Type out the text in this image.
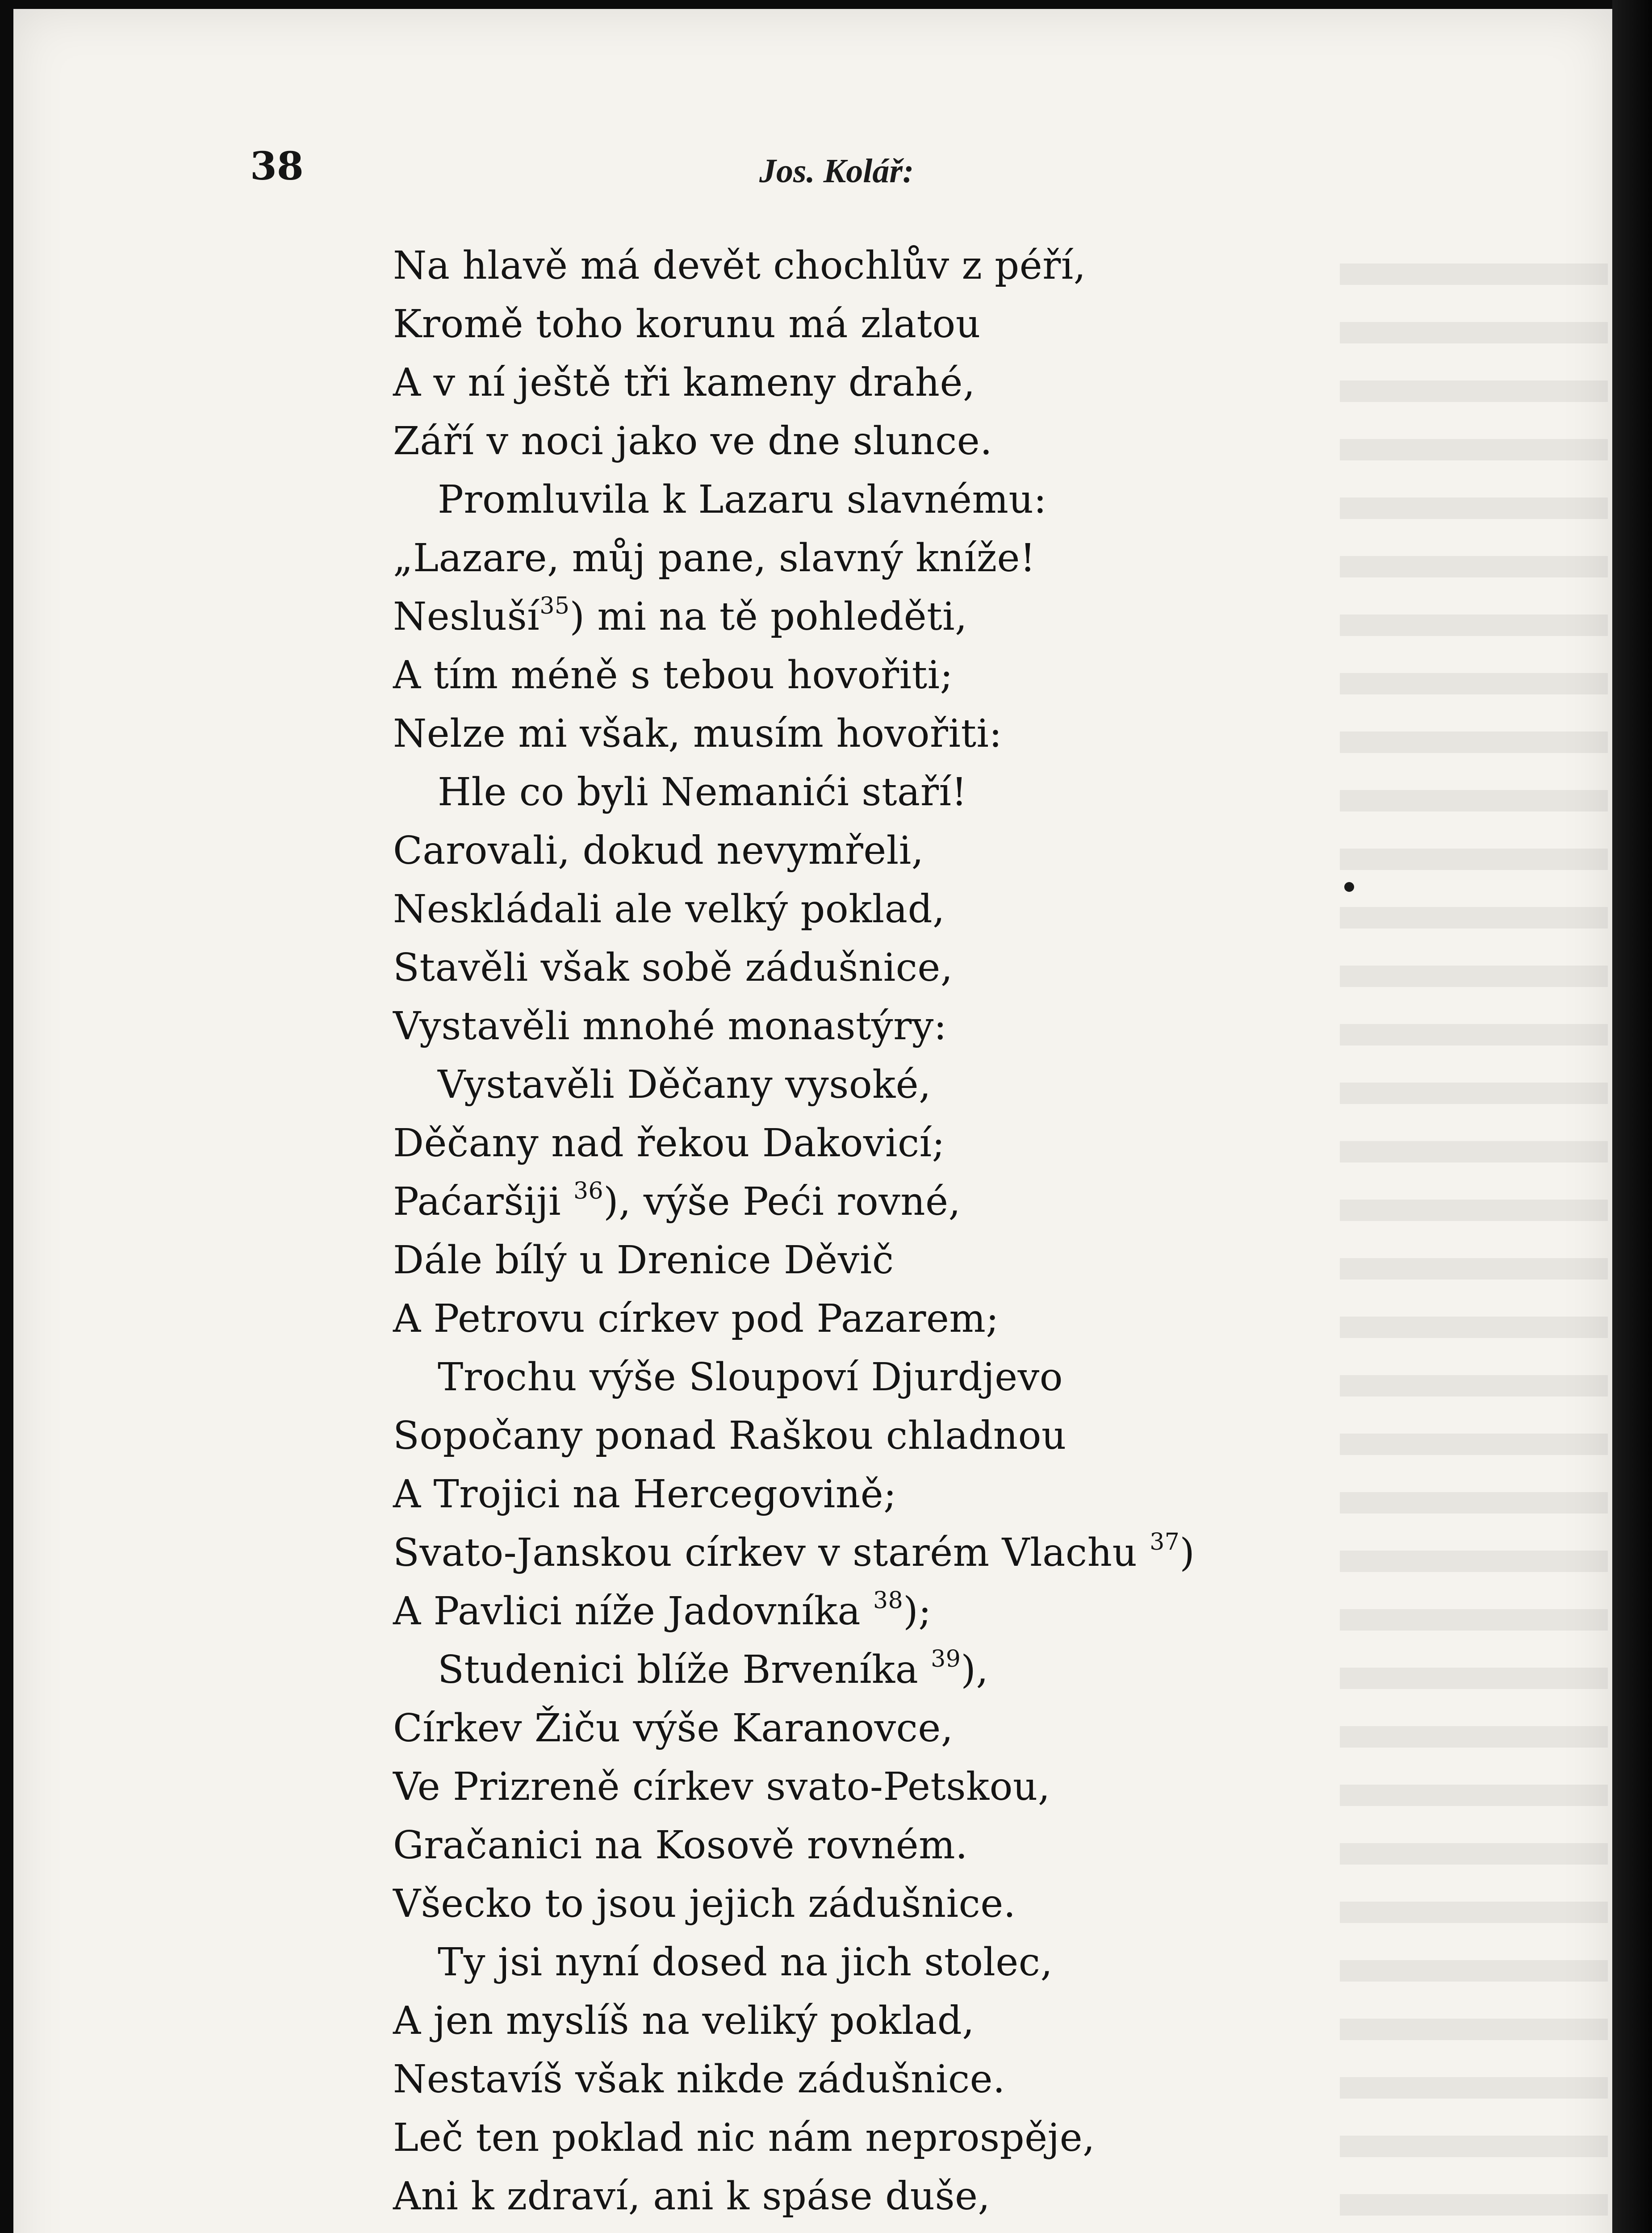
38	Jos. Kolář:

Na hlavě má devět chochlův z péří,
Kromě toho korunu má zlatou
A v ní ještě tři kameny drahé,
Září v noci jako ve dne slunce.
Promluvila k Lazaru slavnému:
„Lazare, můj pane, slavný kníže!
Nesluší$^{35}$) mi na tě pohleděti,
A tím méně s tebou hovořiti;
Nelze mi však, musím hovořiti:
Hle co byli Nemanići staří!
Carovali, dokud nevymřeli,
Neskládali ale velký poklad,
Stavěli však sobě zádušnice,
Vystavěli mnohé monastýry:
Vystavěli Děčany vysoké,
Děčany nad řekou Dakovicí;
Paćaršiji $^{36}$), výše Peći rovné,
Dále bílý u Drenice Děvič
A Petrovu církev pod Pazarem;
Trochu výše Sloupoví Djurdjevo
Sopočany ponad Raškou chladnou
A Trojici na Hercegovině;
Svato-Janskou církev v starém Vlachu $^{37}$)
A Pavlici níže Jadovníka $^{38}$);
Studenici blíže Brveníka $^{39}$),
Církev Žiču výše Karanovce,
Ve Prizreně církev svato-Petskou,
Gračanici na Kosově rovném.
Všecko to jsou jejich zádušnice.
Ty jsi nyní dosed na jich stolec,
A jen myslíš na veliký poklad,
Nestavíš však nikde zádušnice.
Leč ten poklad nic nám neprospěje,
Ani k zdraví, ani k spáse duše,
